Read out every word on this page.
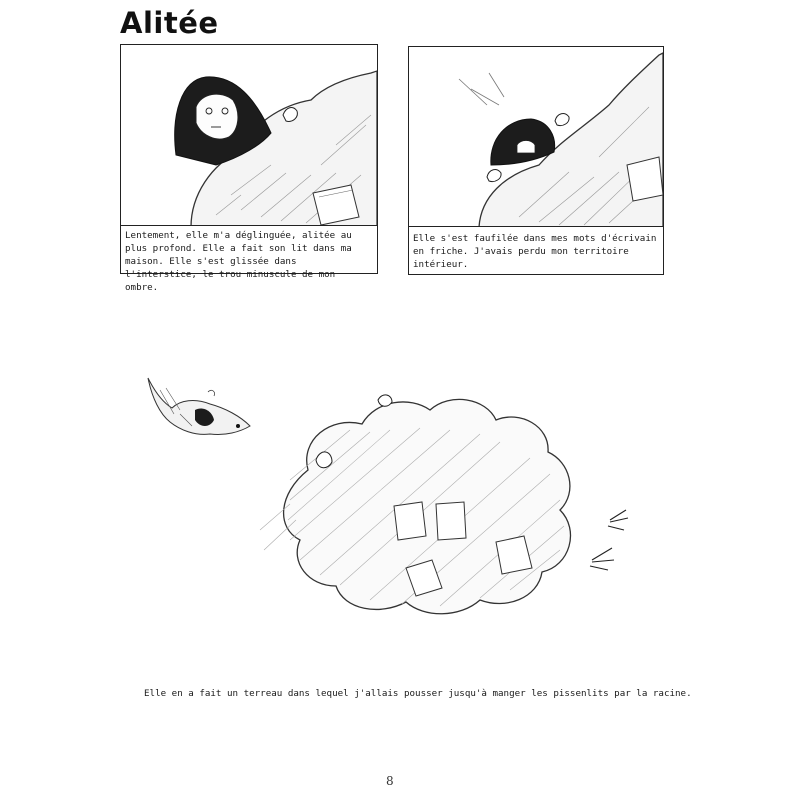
Alitée
Lentement, elle m'a déglinguée, alitée au plus profond. Elle a fait son lit dans ma maison. Elle s'est glissée dans l'interstice, le trou minuscule de mon ombre.
Elle s'est faufilée dans mes mots d'écrivain en friche. J'avais perdu mon territoire intérieur.
Elle en a fait un terreau dans lequel j'allais pousser jusqu'à manger les pissenlits par la racine.
8
